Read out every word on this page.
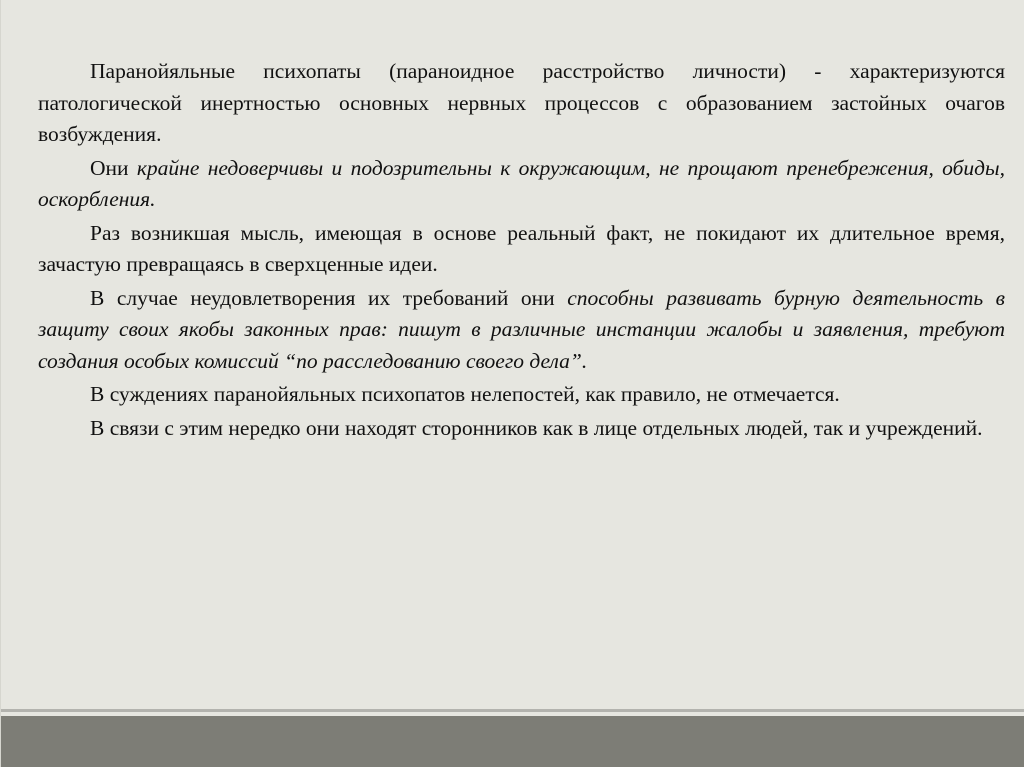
Паранойяльные психопаты (параноидное расстройство личности) - характеризуются патологической инертностью основных нервных процессов с образованием застойных очагов возбуждения.

Они крайне недоверчивы и подозрительны к окружающим, не прощают пренебрежения, обиды, оскорбления.

Раз возникшая мысль, имеющая в основе реальный факт, не покидают их длительное время, зачастую превращаясь в сверхценные идеи.

В случае неудовлетворения их требований они способны развивать бурную деятельность в защиту своих якобы законных прав: пишут в различные инстанции жалобы и заявления, требуют создания особых комиссий “по расследованию своего дела”.

В суждениях паранойяльных психопатов нелепостей, как правило, не отмечается.

В связи с этим нередко они находят сторонников как в лице отдельных людей, так и учреждений.
